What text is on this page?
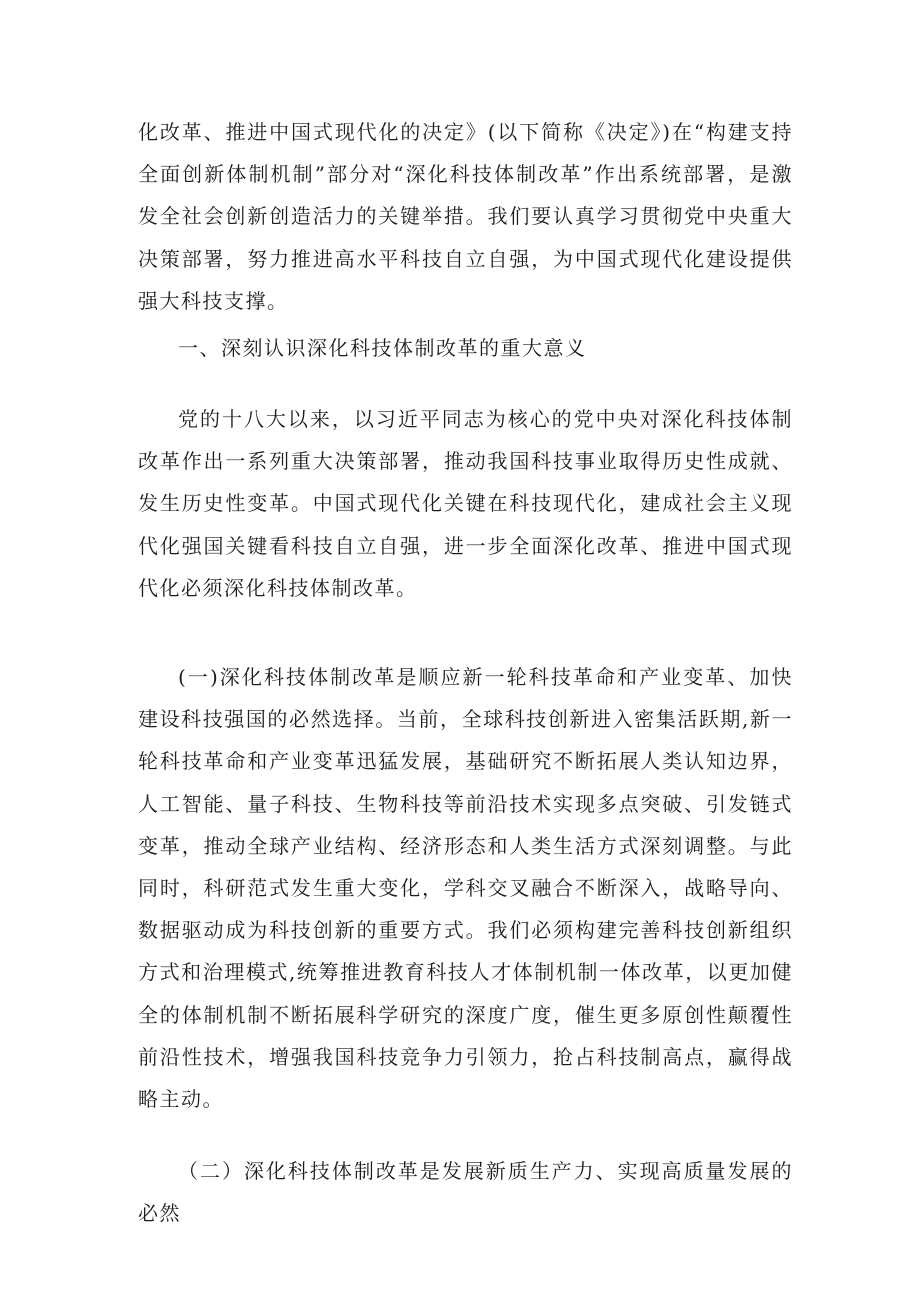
化改革、推进中国式现代化的决定》(以下简称《决定》)在“构建支持全面创新体制机制”部分对“深化科技体制改革”作出系统部署，是激发全社会创新创造活力的关键举措。我们要认真学习贯彻党中央重大决策部署，努力推进高水平科技自立自强，为中国式现代化建设提供强大科技支撑。
一、深刻认识深化科技体制改革的重大意义
党的十八大以来，以习近平同志为核心的党中央对深化科技体制改革作出一系列重大决策部署，推动我国科技事业取得历史性成就、发生历史性变革。中国式现代化关键在科技现代化，建成社会主义现代化强国关键看科技自立自强，进一步全面深化改革、推进中国式现代化必须深化科技体制改革。
(一)深化科技体制改革是顺应新一轮科技革命和产业变革、加快建设科技强国的必然选择。当前，全球科技创新进入密集活跃期,新一轮科技革命和产业变革迅猛发展，基础研究不断拓展人类认知边界，人工智能、量子科技、生物科技等前沿技术实现多点突破、引发链式变革，推动全球产业结构、经济形态和人类生活方式深刻调整。与此同时，科研范式发生重大变化，学科交叉融合不断深入，战略导向、数据驱动成为科技创新的重要方式。我们必须构建完善科技创新组织方式和治理模式,统筹推进教育科技人才体制机制一体改革，以更加健全的体制机制不断拓展科学研究的深度广度，催生更多原创性颠覆性前沿性技术，增强我国科技竞争力引领力，抢占科技制高点，赢得战略主动。
（二）深化科技体制改革是发展新质生产力、实现高质量发展的必然
